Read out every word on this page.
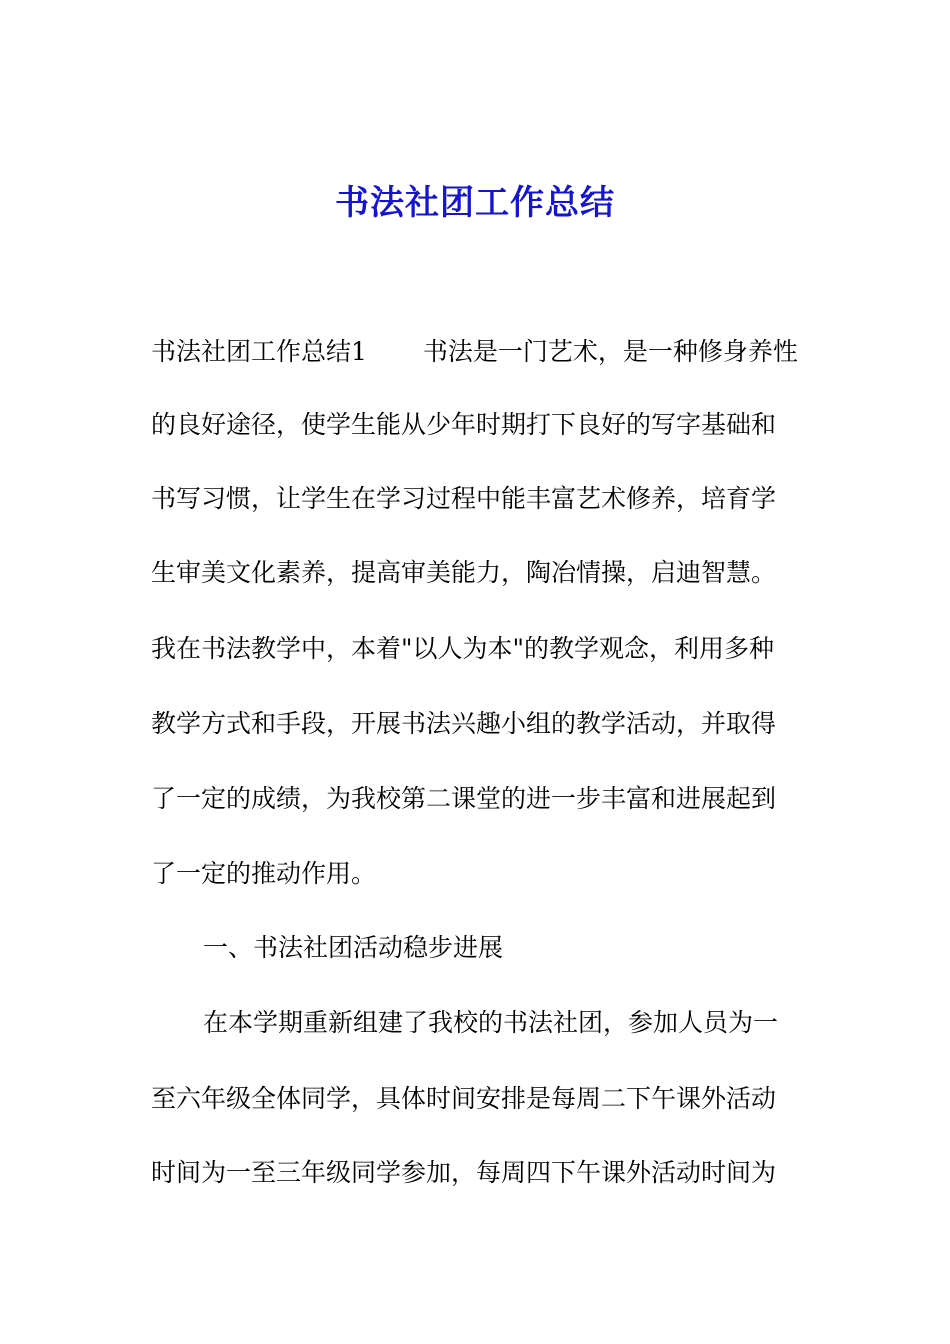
书法社团工作总结

书法社团工作总结1 书法是一门艺术，是一种修身养性

的良好途径，使学生能从少年时期打下良好的写字基础和

书写习惯，让学生在学习过程中能丰富艺术修养，培育学

生审美文化素养，提高审美能力，陶冶情操，启迪智慧。

我在书法教学中，本着"以人为本"的教学观念，利用多种

教学方式和手段，开展书法兴趣小组的教学活动，并取得

了一定的成绩，为我校第二课堂的进一步丰富和进展起到

了一定的推动作用。

一、书法社团活动稳步进展

在本学期重新组建了我校的书法社团，参加人员为一

至六年级全体同学，具体时间安排是每周二下午课外活动

时间为一至三年级同学参加，每周四下午课外活动时间为
